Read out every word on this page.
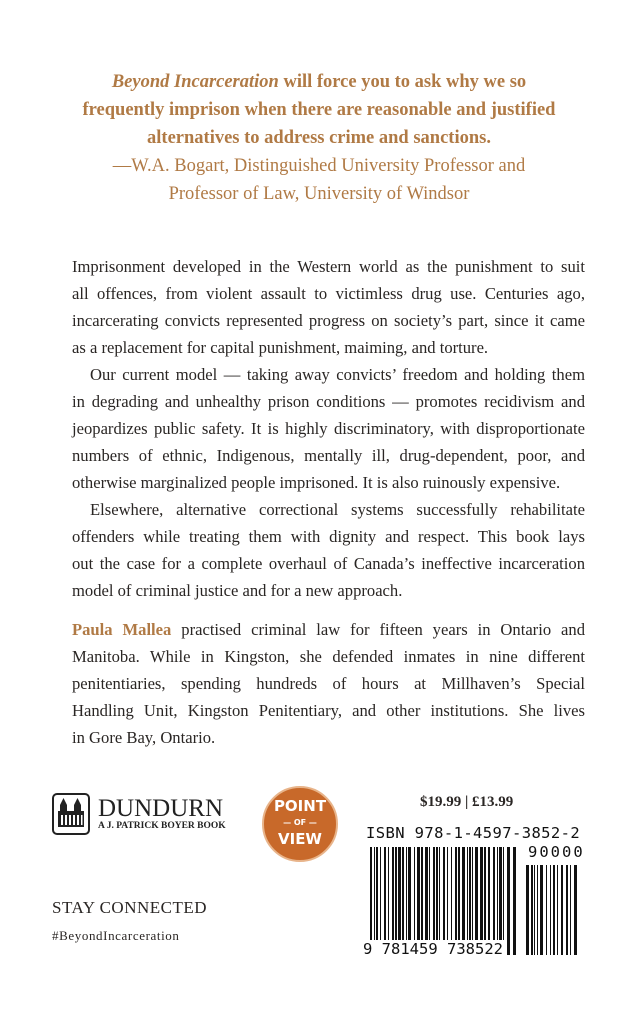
Beyond Incarceration will force you to ask why we so
frequently imprison when there are reasonable and justified
alternatives to address crime and sanctions.
—W.A. Bogart, Distinguished University Professor and
Professor of Law, University of Windsor
Imprisonment developed in the Western world as the punishment to suit
all offences, from violent assault to victimless drug use. Centuries ago,
incarcerating convicts represented progress on society’s part, since it came
as a replacement for capital punishment, maiming, and torture.
Our current model — taking away convicts’ freedom and holding them
in degrading and unhealthy prison conditions — promotes recidivism and
jeopardizes public safety. It is highly discriminatory, with disproportionate
numbers of ethnic, Indigenous, mentally ill, drug-dependent, poor, and
otherwise marginalized people imprisoned. It is also ruinously expensive.
Elsewhere, alternative correctional systems successfully rehabilitate
offenders while treating them with dignity and respect. This book lays
out the case for a complete overhaul of Canada’s ineffective incarceration
model of criminal justice and for a new approach.
Paula Mallea practised criminal law for fifteen years in Ontario and
Manitoba. While in Kingston, she defended inmates in nine different
penitentiaries, spending hundreds of hours at Millhaven’s Special
Handling Unit, Kingston Penitentiary, and other institutions. She lives
in Gore Bay, Ontario.
DUNDURN
A J. PATRICK BOYER BOOK
POINT
— OF —
VIEW
$19.99 | £13.99
ISBN 978-1-4597-3852-2
90000
9 781459 738522
STAY CONNECTED
#BeyondIncarceration
